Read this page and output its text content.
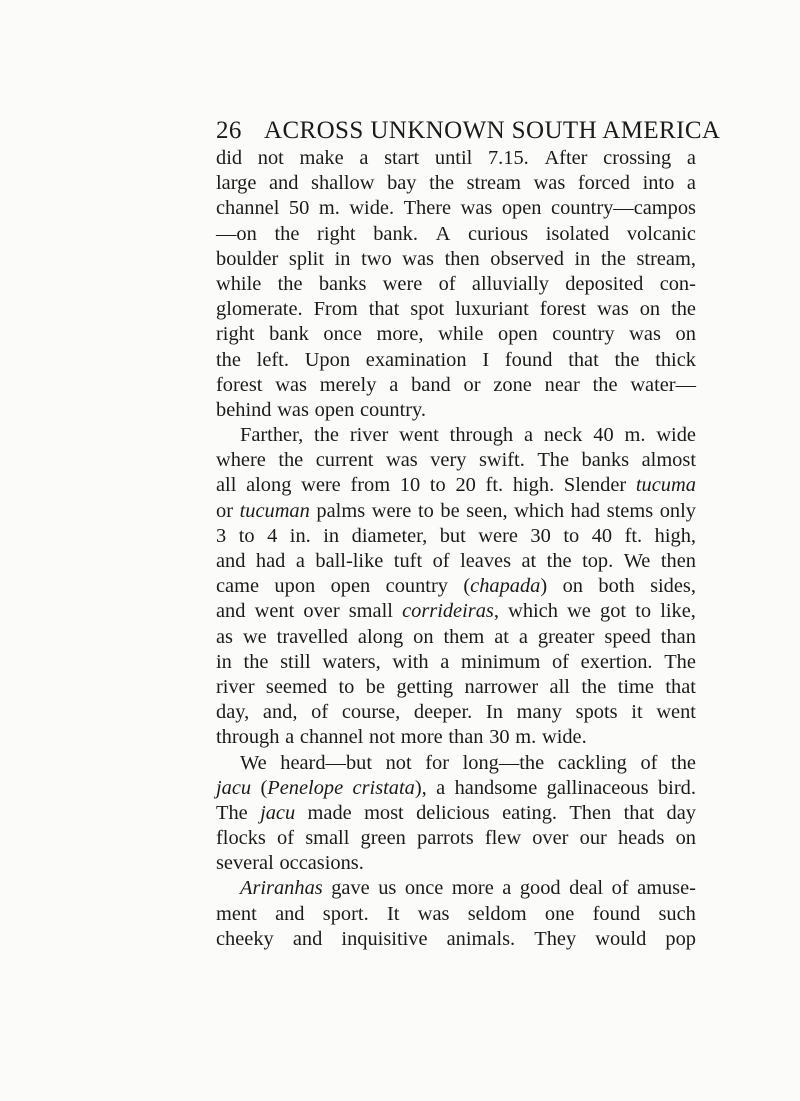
26 ACROSS UNKNOWN SOUTH AMERICA
did not make a start until 7.15. After crossing a
large and shallow bay the stream was forced into a
channel 50 m. wide. There was open country—campos
—on the right bank. A curious isolated volcanic
boulder split in two was then observed in the stream,
while the banks were of alluvially deposited con-
glomerate. From that spot luxuriant forest was on the
right bank once more, while open country was on
the left. Upon examination I found that the thick
forest was merely a band or zone near the water—
behind was open country.
Farther, the river went through a neck 40 m. wide
where the current was very swift. The banks almost
all along were from 10 to 20 ft. high. Slender tucuma
or tucuman palms were to be seen, which had stems only
3 to 4 in. in diameter, but were 30 to 40 ft. high,
and had a ball-like tuft of leaves at the top. We then
came upon open country (chapada) on both sides,
and went over small corrideiras, which we got to like,
as we travelled along on them at a greater speed than
in the still waters, with a minimum of exertion. The
river seemed to be getting narrower all the time that
day, and, of course, deeper. In many spots it went
through a channel not more than 30 m. wide.
We heard—but not for long—the cackling of the
jacu (Penelope cristata), a handsome gallinaceous bird.
The jacu made most delicious eating. Then that day
flocks of small green parrots flew over our heads on
several occasions.
Ariranhas gave us once more a good deal of amuse-
ment and sport. It was seldom one found such
cheeky and inquisitive animals. They would pop
